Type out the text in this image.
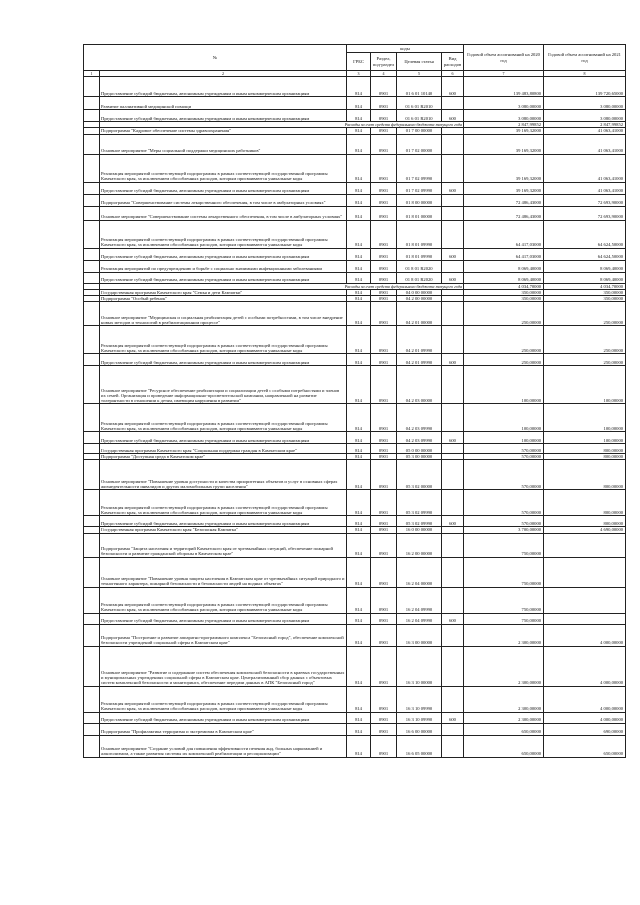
№		коды				Годовой объем ассигнований на 2020 год	Годовой объем ассигнований на 2021 год
		ГРБС	Раздел, под-раздел	Целевая статья	Вид расходов		
1	2	3	4	5	6	7	8
	Предоставление субсидий бюджетным, автономным учреждениям и иным некоммерческим организациям	814	0901	01 6 01 10140	600	139 483,80800	139 720,65000
	Развитие паллиативной медицинской помощи	814	0901	01 6 01 R2010		3 080,00000	3 080,00000
	Предоставление субсидий бюджетным, автономным учреждениям и иным некоммерческим организациям	814	0901	01 6 01 R2010	600	3 080,00000	3 080,00000
	Расходы за счет средств федерального бюджета текущего года					2 847,99852	2 847,99852
	Подпрограмма "Кадровое обеспечение системы здравоохранения"	814	0901	01 7 00 00000		39 169,32000	41 063,41000
	Основное мероприятие "Меры социальной поддержки медицинских работников"	814	0901	01 7 02 00000		39 169,32000	41 063,41000
	Реализация мероприятий соответствующей подпрограммы в рамках соответствующей государственной программы Камчатского края, за исключением обособленных расходов, которым присваиваются уникальные коды	814	0901	01 7 02 09990		39 169,32000	41 063,41000
	Предоставление субсидий бюджетным, автономным учреждениям и иным некоммерческим организациям	814	0901	01 7 02 09990	600	39 169,32000	41 063,41000
	Подпрограмма "Совершенствование системы лекарственного обеспечения, в том числе в амбулаторных условиях"	814	0901	01 8 00 00000		72 486,43000	72 693,90000
	Основное мероприятие "Совершенствование системы лекарственного обеспечения, в том числе в амбулаторных условиях"	814	0901	01 8 01 00000		72 486,43000	72 693,90000
	Реализация мероприятий соответствующей подпрограммы в рамках соответствующей государственной программы Камчатского края, за исключением обособленных расходов, которым присваиваются уникальные коды	814	0901	01 8 01 09990		64 417,03000	64 624,50000
	Предоставление субсидий бюджетным, автономным учреждениям и иным некоммерческим организациям	814	0901	01 8 01 09990	600	64 417,03000	64 624,50000
	Реализация мероприятий по предупреждению и борьбе с социально значимыми инфекционными заболеваниями	814	0901	01 8 01 R2020		8 069,40000	8 069,40000
	Предоставление субсидий бюджетным, автономным учреждениям и иным некоммерческим организациям	814	0901	01 8 01 R2020	600	8 069,40000	8 069,40000
	Расходы за счет средств федерального бюджета текущего года					4 034,70000	4 034,70000
	Государственная программа Камчатского края "Семья и дети Камчатки"	814	0901	04 0 00 00000		350,00000	350,00000
	Подпрограмма "Особый ребенок"	814	0901	04 2 00 00000		350,00000	350,00000
	Основное мероприятие "Медицинская и социальная реабилитация детей с особыми потребностями, в том числе внедрение новых методов и технологий в реабилитационном процессе"	814	0901	04 2 01 00000		250,00000	250,00000
	Реализация мероприятий соответствующей подпрограммы в рамках соответствующей государственной программы Камчатского края, за исключением обособленных расходов, которым присваиваются уникальные коды	814	0901	04 2 01 09990		250,00000	250,00000
	Предоставление субсидий бюджетным, автономным учреждениям и иным некоммерческим организациям	814	0901	04 2 01 09990	600	250,00000	250,00000
	Основное мероприятие "Ресурсное обеспечение реабилитации и социализации детей с особыми потребностями и членов их семей. Организация и проведение информационно-просветительской кампании, направленной на развитие толерантности в отношении к детям, имеющим нарушения в развитии"	814	0901	04 2 03 00000		100,00000	100,00000
	Реализация мероприятий соответствующей подпрограммы в рамках соответствующей государственной программы Камчатского края, за исключением обособленных расходов, которым присваиваются уникальные коды	814	0901	04 2 03 09990		100,00000	100,00000
	Предоставление субсидий бюджетным, автономным учреждениям и иным некоммерческим организациям	814	0901	04 2 03 09990	600	100,00000	100,00000
	Государственная программа Камчатского края "Социальная поддержка граждан в Камчатском крае"	814	0901	05 0 00 00000		570,00000	800,00000
	Подпрограмма "Доступная среда в Камчатском крае"	814	0901	05 3 00 00000		570,00000	800,00000
	Основное мероприятие "Повышение уровня доступности и качества приоритетных объектов и услуг в основных сферах жизнедеятельности инвалидов и других маломобильных групп населения"	814	0901	05 3 02 00000		570,00000	800,00000
	Реализация мероприятий соответствующей подпрограммы в рамках соответствующей государственной программы Камчатского края, за исключением обособленных расходов, которым присваиваются уникальные коды	814	0901	05 3 02 09990		570,00000	800,00000
	Предоставление субсидий бюджетным, автономным учреждениям и иным некоммерческим организациям	814	0901	05 3 02 09990	600	570,00000	800,00000
	Государственная программа Камчатского края "Безопасная Камчатка"	814	0901	16 0 00 00000		3 700,00000	4 690,00000
	Подпрограмма "Защита населения и территорий Камчатского края от чрезвычайных ситуаций, обеспечение пожарной безопасности и развитие гражданской обороны в Камчатском крае"	814	0901	16 2 00 00000		750,00000	
	Основное мероприятие "Повышение уровня защиты населения в Камчатском крае от чрезвычайных ситуаций природного и техногенного характера, пожарной безопасности и безопасности людей на водных объектах"	814	0901	16 2 04 00000		750,00000	
	Реализация мероприятий соответствующей подпрограммы в рамках соответствующей государственной программы Камчатского края, за исключением обособленных расходов, которым присваиваются уникальные коды	814	0901	16 2 04 09990		750,00000	
	Предоставление субсидий бюджетным, автономным учреждениям и иным некоммерческим организациям	814	0901	16 2 04 09990	600	750,00000	
	Подпрограмма "Построение и развитие аппаратно-программного комплекса "Безопасный город", обеспечение комплексной безопасности учреждений социальной сферы в Камчатском крае"	814	0901	16 3 00 00000		2 300,00000	4 000,00000
	Основное мероприятие "Развитие и содержание систем обеспечения комплексной безопасности в краевых государственных и муниципальных учреждениях социальной сферы в Камчатском крае. Централизованный сбор данных с объектовых систем комплексной безопасности и мониторинга, обеспечение передачи данных в АПК "Безопасный город"	814	0901	16 3 10 00000		2 300,00000	4 000,00000
	Реализация мероприятий соответствующей подпрограммы в рамках соответствующей государственной программы Камчатского края, за исключением обособленных расходов, которым присваиваются уникальные коды	814	0901	16 3 10 09990		2 300,00000	4 000,00000
	Предоставление субсидий бюджетным, автономным учреждениям и иным некоммерческим организациям	814	0901	16 3 10 09990	600	2 300,00000	4 000,00000
	Подпрограмма "Профилактика терроризма и экстремизма в Камчатском крае"	814	0901	16 6 00 00000		650,00000	690,00000
	Основное мероприятие "Создание условий для повышения эффективности печения анд, больных наркоманией и алкоголизмом, а также развития системы их комплексной реабилитации и ресоциализации"	814	0901	16 6 05 00000		650,00000	650,00000
